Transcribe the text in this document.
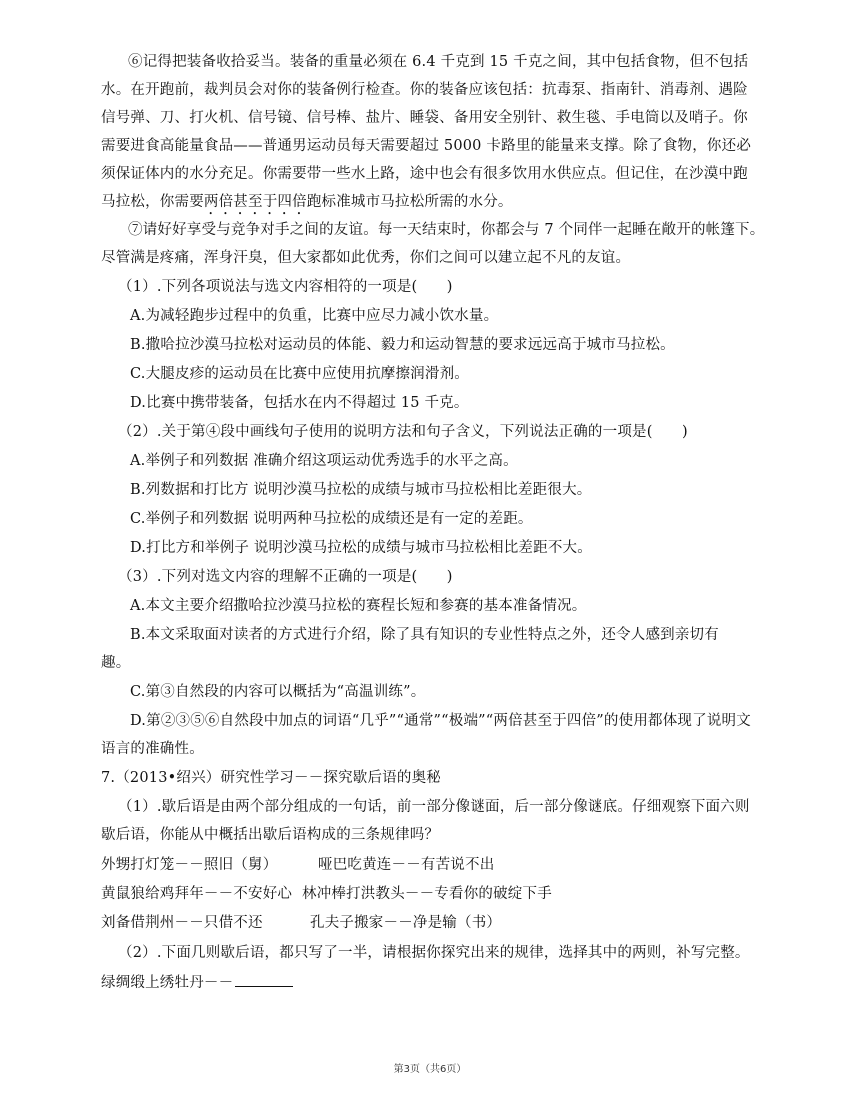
⑥记得把装备收拾妥当。装备的重量必须在 6.4 千克到 15 千克之间，其中包括食物，但不包括
水。在开跑前，裁判员会对你的装备例行检查。你的装备应该包括：抗毒泵、指南针、消毒剂、遇险
信号弹、刀、打火机、信号镜、信号棒、盐片、睡袋、备用安全别针、救生毯、手电筒以及哨子。你
需要进食高能量食品——普通男运动员每天需要超过 5000 卡路里的能量来支撑。除了食物，你还必
须保证体内的水分充足。你需要带一些水上路，途中也会有很多饮用水供应点。但记住，在沙漠中跑
马拉松，你需要两倍甚至于四倍跑标准城市马拉松所需的水分。
⑦请好好享受与竞争对手之间的友谊。每一天结束时，你都会与 7 个同伴一起睡在敞开的帐篷下。
尽管满是疼痛，浑身汗臭，但大家都如此优秀，你们之间可以建立起不凡的友谊。
（1）.下列各项说法与选文内容相符的一项是(　　)
A.为减轻跑步过程中的负重，比赛中应尽力减小饮水量。
B.撒哈拉沙漠马拉松对运动员的体能、毅力和运动智慧的要求远远高于城市马拉松。
C.大腿皮疹的运动员在比赛中应使用抗摩擦润滑剂。
D.比赛中携带装备，包括水在内不得超过 15 千克。
（2）.关于第④段中画线句子使用的说明方法和句子含义，下列说法正确的一项是(　　)
A.举例子和列数据 准确介绍这项运动优秀选手的水平之高。
B.列数据和打比方 说明沙漠马拉松的成绩与城市马拉松相比差距很大。
C.举例子和列数据 说明两种马拉松的成绩还是有一定的差距。
D.打比方和举例子 说明沙漠马拉松的成绩与城市马拉松相比差距不大。
（3）.下列对选文内容的理解不正确的一项是(　　)
A.本文主要介绍撒哈拉沙漠马拉松的赛程长短和参赛的基本准备情况。
B.本文采取面对读者的方式进行介绍，除了具有知识的专业性特点之外，还令人感到亲切有
趣。
C.第③自然段的内容可以概括为“高温训练”。
D.第②③⑤⑥自然段中加点的词语“几乎”“通常”“极端”“两倍甚至于四倍”的使用都体现了说明文
语言的准确性。
7.（2013•绍兴）研究性学习－－探究歇后语的奥秘
（1）.歇后语是由两个部分组成的一句话，前一部分像谜面，后一部分像谜底。仔细观察下面六则
歇后语，你能从中概括出歇后语构成的三条规律吗？
外甥打灯笼－－照旧（舅）	哑巴吃黄连－－有苦说不出
黄鼠狼给鸡拜年－－不安好心 林冲棒打洪教头－－专看你的破绽下手
刘备借荆州－－只借不还	孔夫子搬家－－净是输（书）
（2）.下面几则歇后语，都只写了一半，请根据你探究出来的规律，选择其中的两则，补写完整。
绿绸缎上绣牡丹－－
第3页（共6页）
